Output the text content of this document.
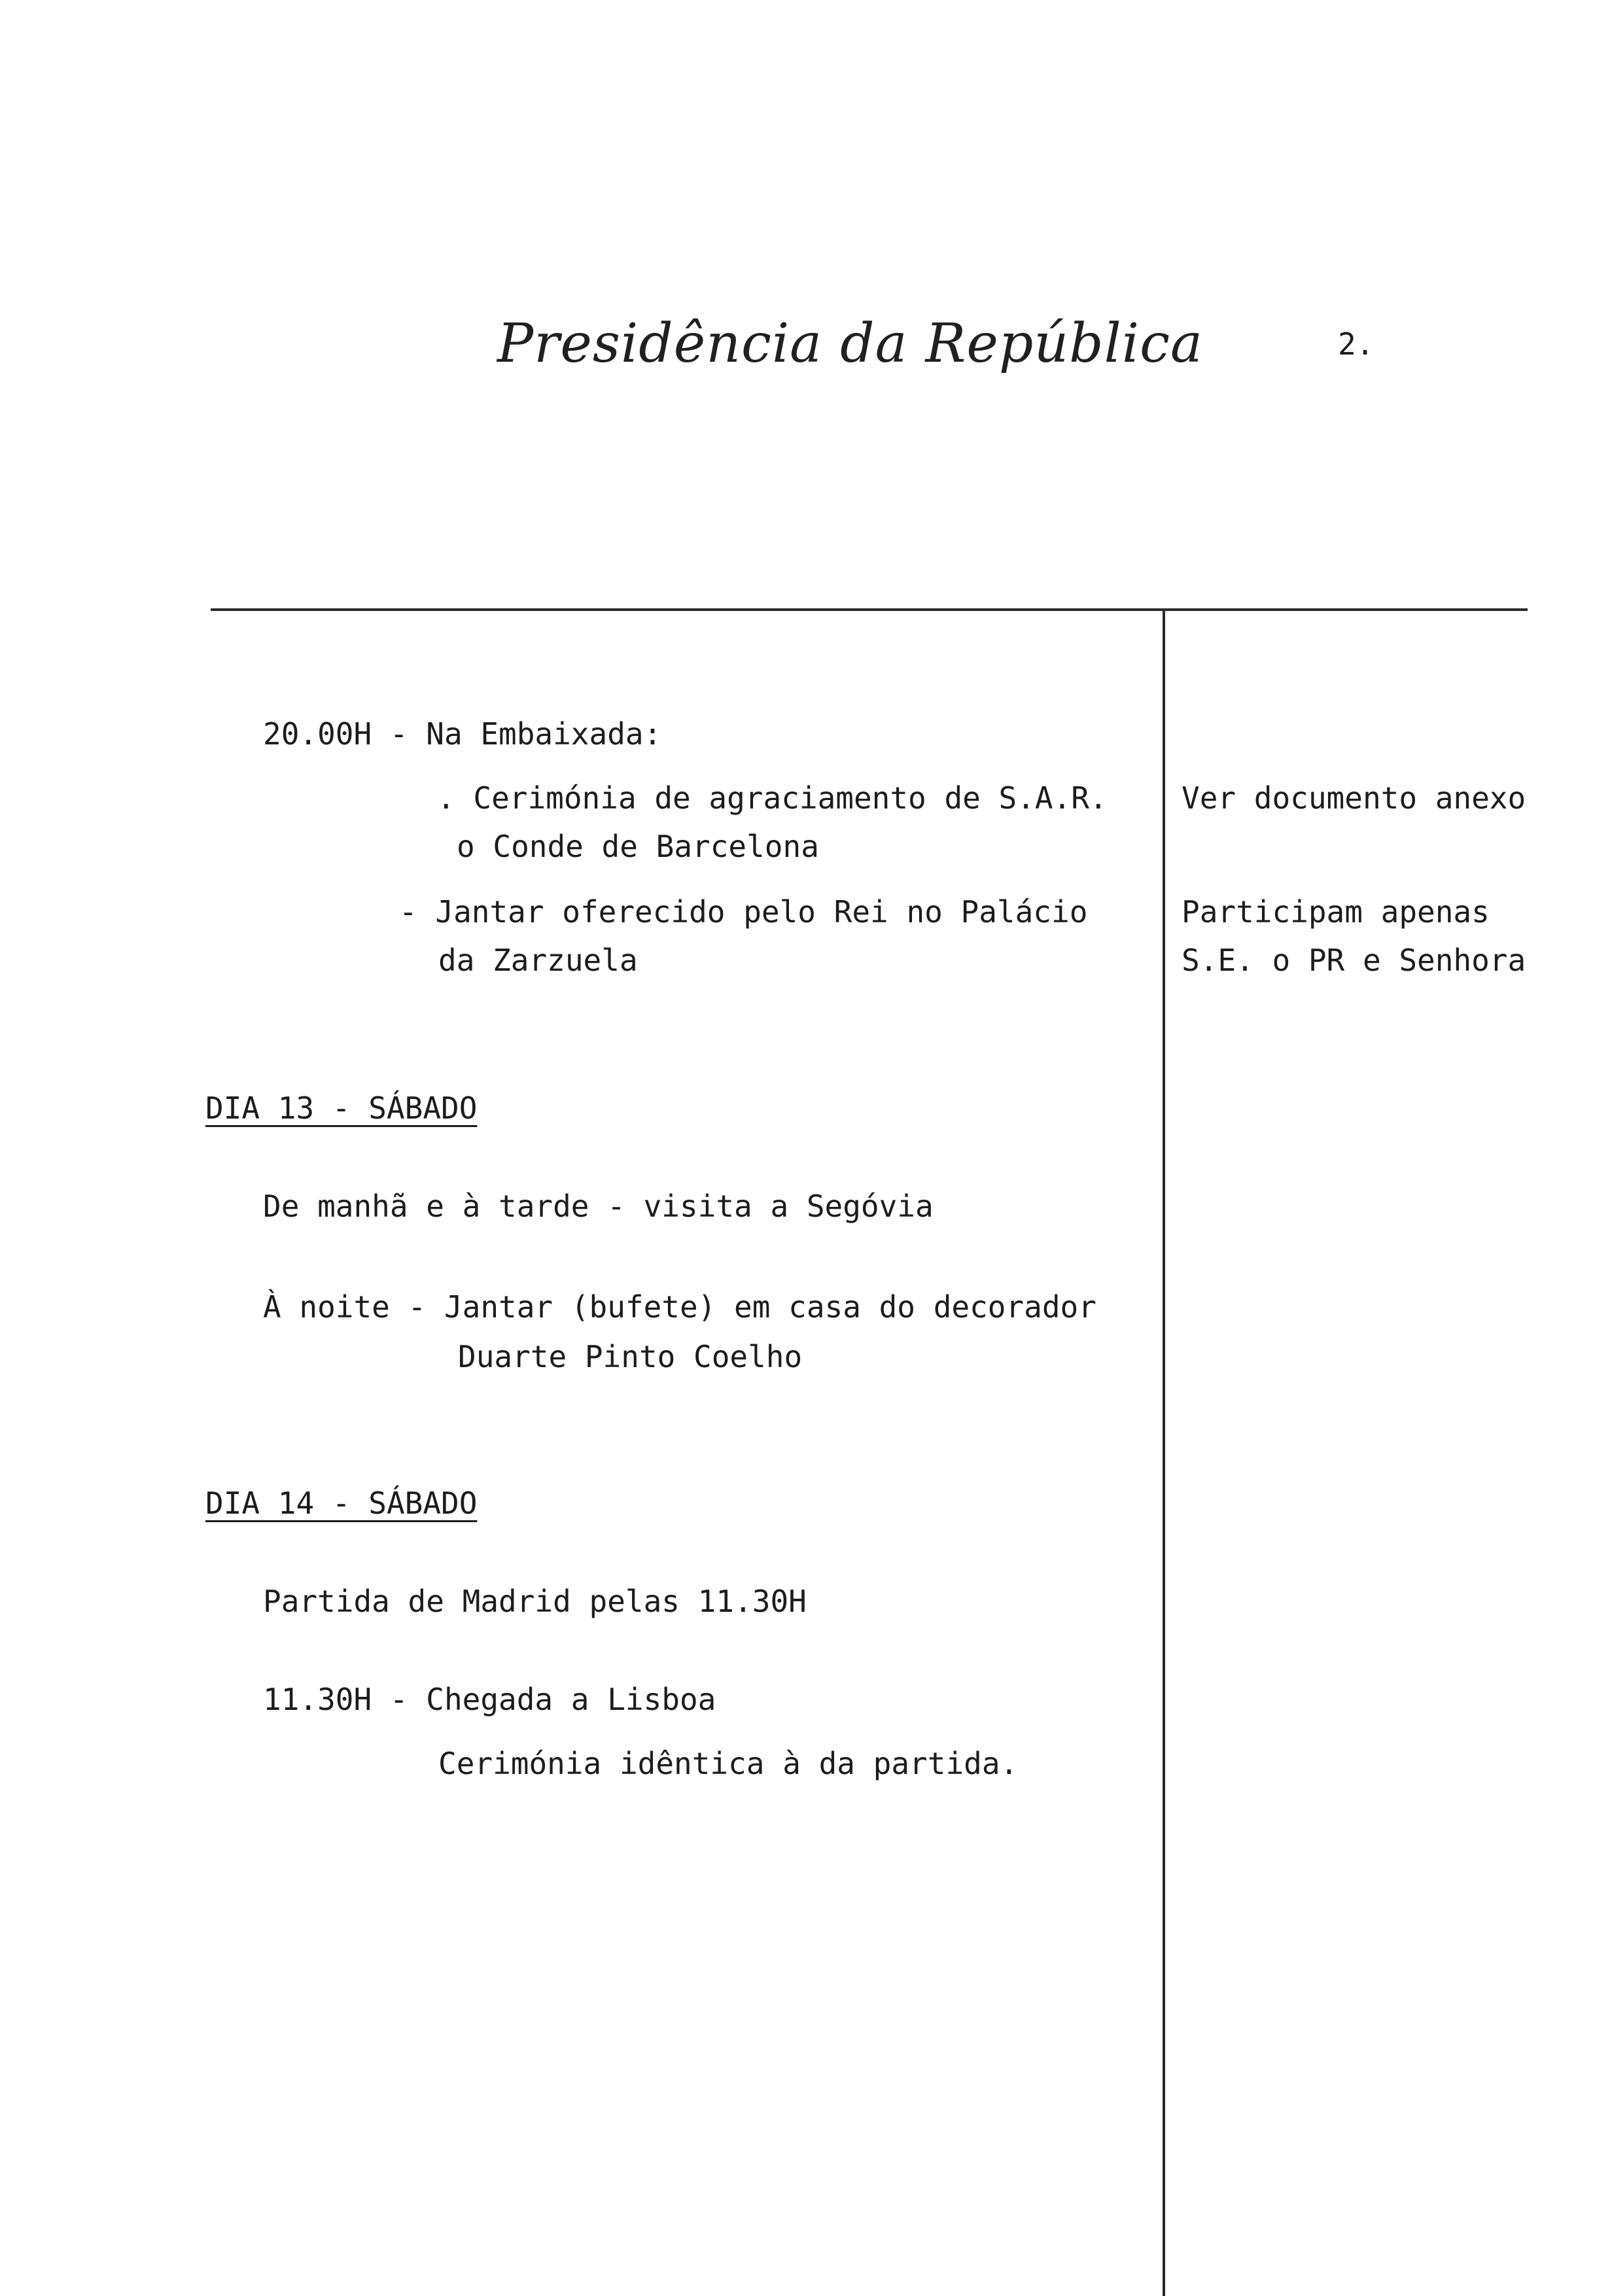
Presidência da República	2.
20.00H - Na Embaixada:
. Cerimónia de agraciamento de S.A.R.
o Conde de Barcelona
- Jantar oferecido pelo Rei no Palácio
da Zarzuela
DIA 13 - SÁBADO
De manhã e à tarde - visita a Segóvia
À noite - Jantar (bufete) em casa do decorador
Duarte Pinto Coelho
DIA 14 - SÁBADO
Partida de Madrid pelas 11.30H
11.30H - Chegada a Lisboa
Cerimónia idêntica à da partida.
Ver documento anexo
Participam apenas
S.E. o PR e Senhora
